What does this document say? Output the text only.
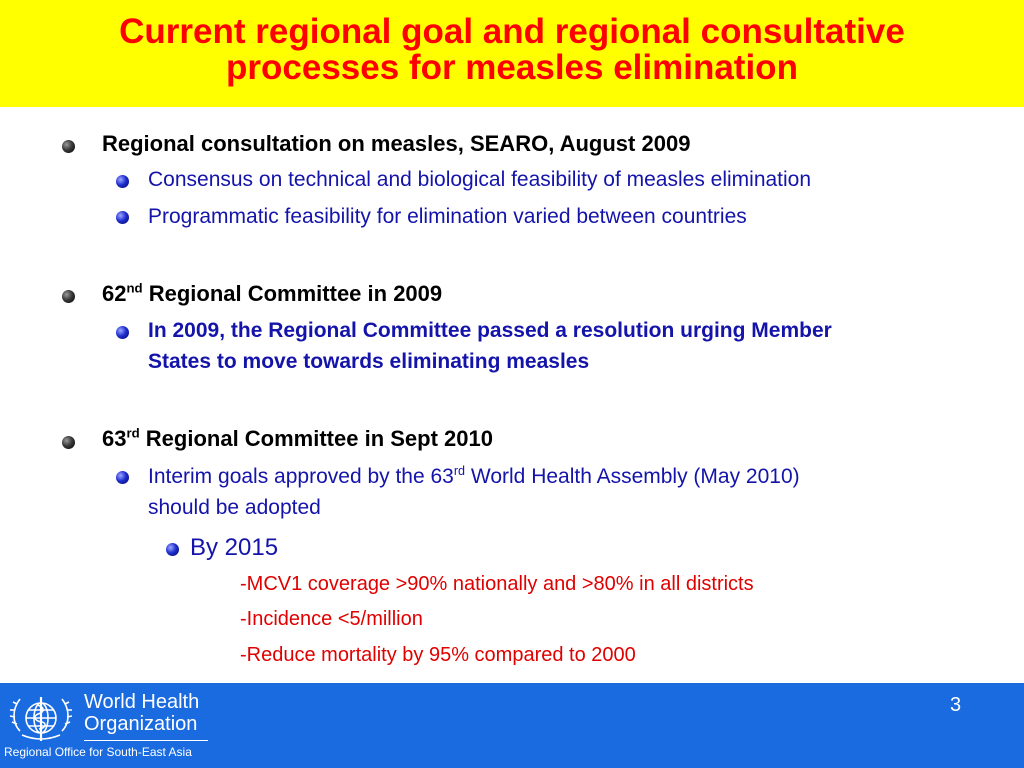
Current regional goal and regional consultative
processes for measles elimination
Regional consultation on measles, SEARO, August 2009
Consensus on technical and biological feasibility of measles elimination
Programmatic feasibility for elimination varied between countries
62nd Regional Committee in 2009
In 2009, the Regional Committee passed a resolution urging Member
States to move towards eliminating measles
63rd Regional Committee in Sept 2010
Interim goals approved by the 63rd World Health Assembly (May 2010)
should be adopted
By 2015
-MCV1 coverage >90% nationally and >80% in all districts
-Incidence <5/million
-Reduce mortality by 95% compared to 2000
World Health
Organization
Regional Office for South-East Asia
3
